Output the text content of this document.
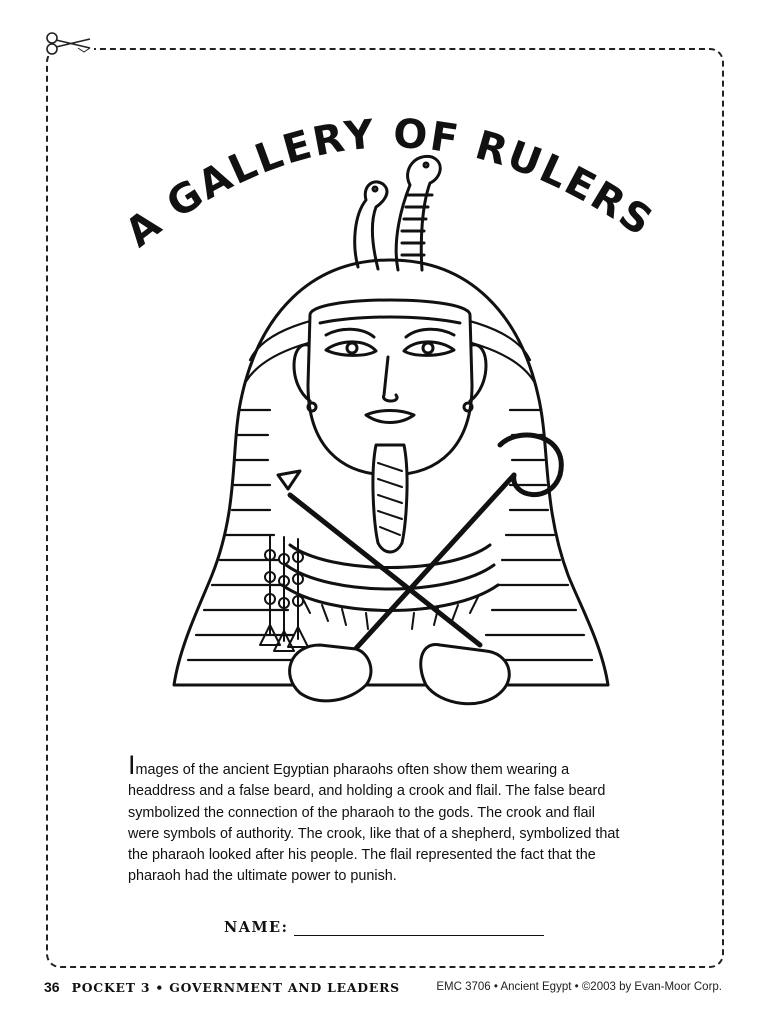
A GALLERY OF RULERS

Images of the ancient Egyptian pharaohs often show them wearing a headdress and a false beard, and holding a crook and flail. The false beard symbolized the connection of the pharaoh to the gods. The crook and flail were symbols of authority. The crook, like that of a shepherd, symbolized that the pharaoh looked after his people. The flail represented the fact that the pharaoh had the ultimate power to punish.

NAME:
36 POCKET 3 • GOVERNMENT AND LEADERS	EMC 3706 • Ancient Egypt • ©2003 by Evan-Moor Corp.
